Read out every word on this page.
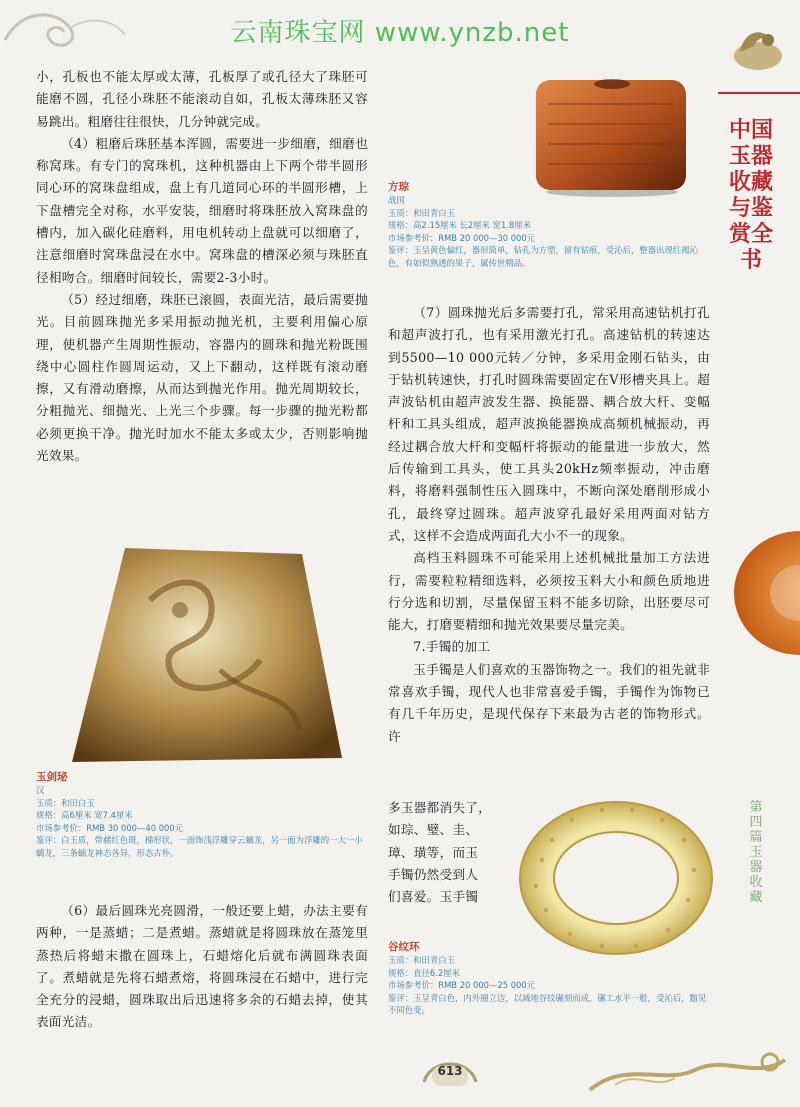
云南珠宝网 www.ynzb.net

小，孔板也不能太厚或太薄，孔板厚了或孔径大了珠胚可能磨不圆，孔径小珠胚不能滚动自如，孔板太薄珠胚又容易跳出。粗磨往往很快，几分钟就完成。

（4）粗磨后珠胚基本浑圆，需要进一步细磨，细磨也称窝珠。有专门的窝珠机，这种机器由上下两个带半圆形同心环的窝珠盘组成，盘上有几道同心环的半圆形槽，上下盘槽完全对称，水平安装，细磨时将珠胚放入窝珠盘的槽内，加入碳化硅磨料，用电机转动上盘就可以细磨了，注意细磨时窝珠盘浸在水中。窝珠盘的槽深必须与珠胚直径相吻合。细磨时间较长，需要2-3小时。

（5）经过细磨，珠胚已滚圆，表面光洁，最后需要抛光。目前圆珠抛光多采用振动抛光机，主要利用偏心原理，使机器产生周期性振动，容器内的圆珠和抛光粉既围绕中心圆柱作圆周运动，又上下翻动，这样既有滚动磨擦，又有滑动磨擦，从而达到抛光作用。抛光周期较长，分粗抛光、细抛光、上光三个步骤。每一步骤的抛光粉都必须更换干净。抛光时加水不能太多或太少，否则影响抛光效果。

玉剑珌
汉
玉质：和田白玉
规格：高6厘米 宽7.4厘米
市场参考价：RMB 30 000—40 000元
鉴评：白玉质，带赭红色斑，梯形状，一面饰浅浮雕穿云螭龙，另一面为浮雕的一大一小螭龙，三条螭龙神态各异，形态古朴。

（6）最后圆珠光亮圆滑，一般还要上蜡，办法主要有两种，一是蒸蜡；二是煮蜡。蒸蜡就是将圆珠放在蒸笼里蒸热后将蜡末撒在圆珠上，石蜡熔化后就布满圆珠表面了。煮蜡就是先将石蜡煮熔，将圆珠浸在石蜡中，进行完全充分的浸蜡，圆珠取出后迅速将多余的石蜡去掉，使其表面光洁。

方琮
战国
玉质：和田青白玉
规格：高2.15厘米 长2厘米 宽1.8厘米
市场参考价：RMB 20 000—30 000元
鉴评：玉呈黄色偏红，器形简单，钻孔为方型，留有钻痕，受沁后，整器出现红褐沁色，有如似熟透的果子，属传世精品。

（7）圆珠抛光后多需要打孔，常采用高速钻机打孔和超声波打孔，也有采用激光打孔。高速钻机的转速达到5500—10 000元转／分钟，多采用金刚石钻头，由于钻机转速快，打孔时圆珠需要固定在V形槽夹具上。超声波钻机由超声波发生器、换能器、耦合放大杆、变幅杆和工具头组成，超声波换能器换成高频机械振动，再经过耦合放大杆和变幅杆将振动的能量进一步放大，然后传输到工具头，使工具头20kHz频率振动，冲击磨料，将磨料强制性压入圆珠中，不断向深处磨削形成小孔，最终穿过圆珠。超声波穿孔最好采用两面对钻方式，这样不会造成两面孔大小不一的现象。

高档玉料圆珠不可能采用上述机械批量加工方法进行，需要粒粒精细选料，必须按玉料大小和颜色质地进行分选和切割，尽量保留玉料不能多切除，出胚要尽可能大，打磨要精细和抛光效果要尽量完美。

7.手镯的加工

玉手镯是人们喜欢的玉器饰物之一。我们的祖先就非常喜欢手镯，现代人也非常喜爱手镯，手镯作为饰物已有几千年历史，是现代保存下来最为古老的饰物形式。许

多玉器都消失了，

如琮、璧、圭、

璋、璜等，而玉

手镯仍然受到人

们喜爱。玉手镯

谷纹环
玉质：和田青白玉
规格：直径6.2厘米
市场参考价：RMB 20 000—25 000元
鉴评：玉呈青白色，内外圈立边，以减地谷纹碾刻而成，碾工水平一般，受沁后，黯见不同色变。
中国玉器收藏与鉴赏全书
第四篇 玉器收藏
613
